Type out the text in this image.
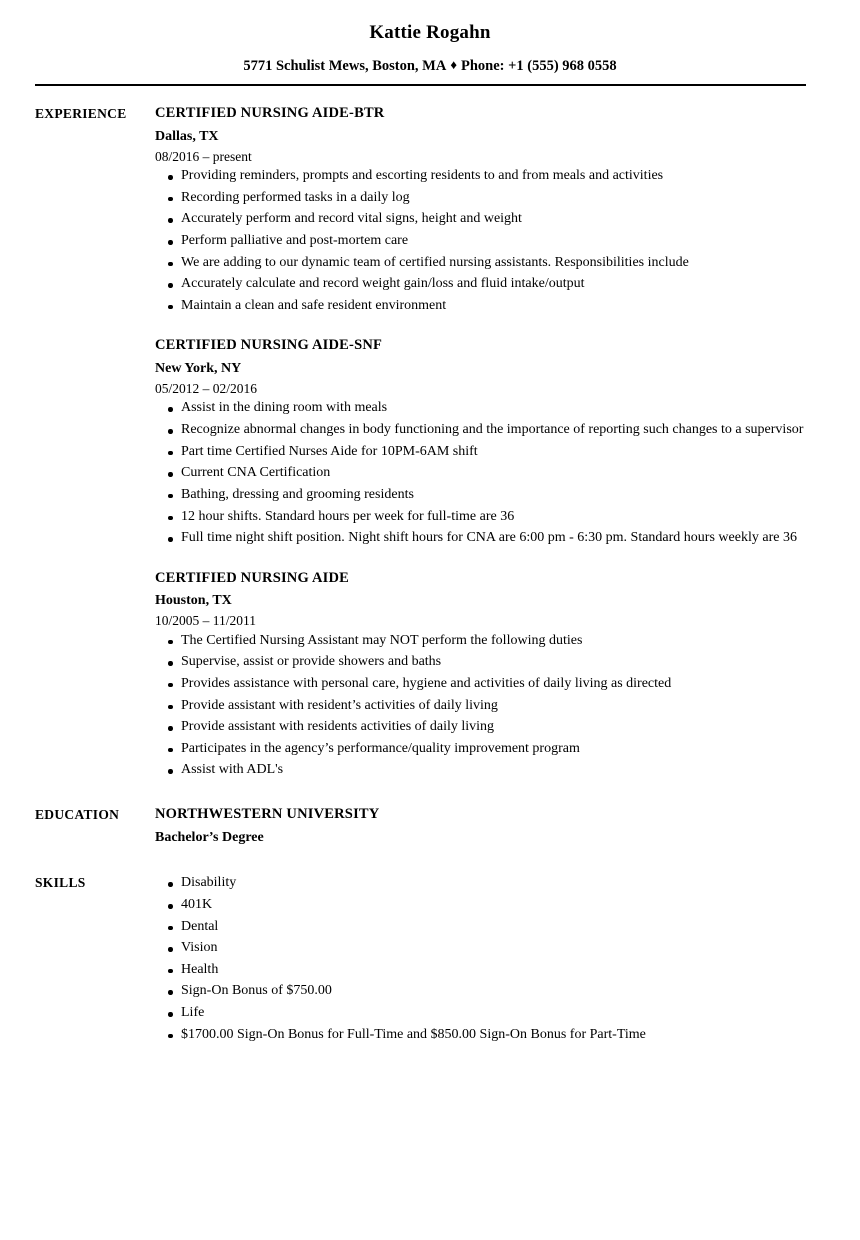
Kattie Rogahn
5771 Schulist Mews, Boston, MA ♦ Phone: +1 (555) 968 0558
EXPERIENCE	CERTIFIED NURSING AIDE-BTR
Dallas, TX
08/2016 – present
Providing reminders, prompts and escorting residents to and from meals and activities
Recording performed tasks in a daily log
Accurately perform and record vital signs, height and weight
Perform palliative and post-mortem care
We are adding to our dynamic team of certified nursing assistants. Responsibilities include
Accurately calculate and record weight gain/loss and fluid intake/output
Maintain a clean and safe resident environment
CERTIFIED NURSING AIDE-SNF
New York, NY
05/2012 – 02/2016
Assist in the dining room with meals
Recognize abnormal changes in body functioning and the importance of reporting such changes to a supervisor
Part time Certified Nurses Aide for 10PM-6AM shift
Current CNA Certification
Bathing, dressing and grooming residents
12 hour shifts. Standard hours per week for full-time are 36
Full time night shift position. Night shift hours for CNA are 6:00 pm - 6:30 pm. Standard hours weekly are 36
CERTIFIED NURSING AIDE
Houston, TX
10/2005 – 11/2011
The Certified Nursing Assistant may NOT perform the following duties
Supervise, assist or provide showers and baths
Provides assistance with personal care, hygiene and activities of daily living as directed
Provide assistant with resident’s activities of daily living
Provide assistant with residents activities of daily living
Participates in the agency’s performance/quality improvement program
Assist with ADL's
EDUCATION	NORTHWESTERN UNIVERSITY
Bachelor’s Degree
SKILLS	Disability
401K
Dental
Vision
Health
Sign-On Bonus of $750.00
Life
$1700.00 Sign-On Bonus for Full-Time and $850.00 Sign-On Bonus for Part-Time
